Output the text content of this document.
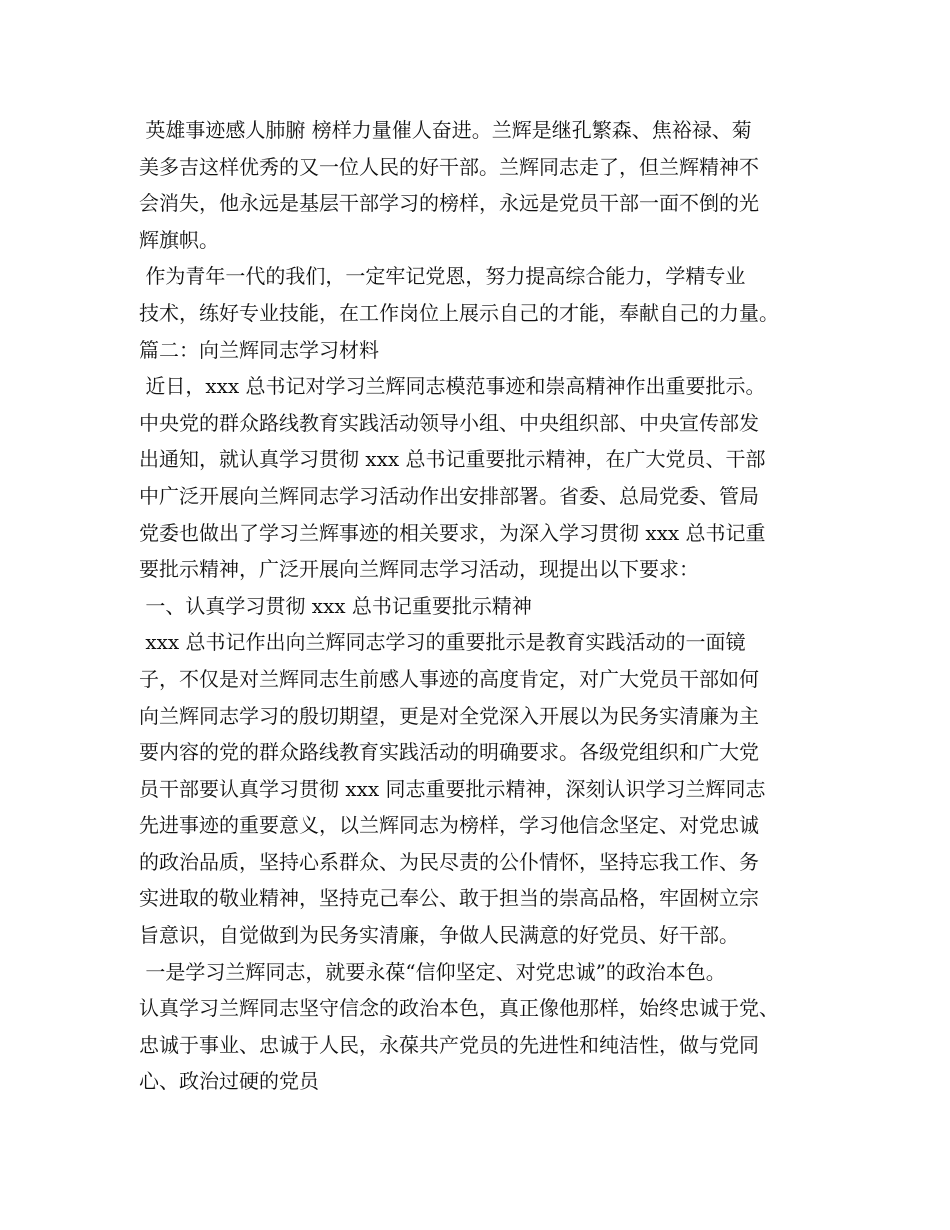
英雄事迹感人肺腑 榜样力量催人奋进。兰辉是继孔繁森、焦裕禄、菊
美多吉这样优秀的又一位人民的好干部。兰辉同志走了，但兰辉精神不
会消失，他永远是基层干部学习的榜样，永远是党员干部一面不倒的光
辉旗帜。
作为青年一代的我们，一定牢记党恩，努力提高综合能力，学精专业
技术，练好专业技能，在工作岗位上展示自己的才能，奉献自己的力量。
篇二：向兰辉同志学习材料
近日，xxx 总书记对学习兰辉同志模范事迹和崇高精神作出重要批示。
中央党的群众路线教育实践活动领导小组、中央组织部、中央宣传部发
出通知，就认真学习贯彻 xxx 总书记重要批示精神，在广大党员、干部
中广泛开展向兰辉同志学习活动作出安排部署。省委、总局党委、管局
党委也做出了学习兰辉事迹的相关要求，为深入学习贯彻 xxx 总书记重
要批示精神，广泛开展向兰辉同志学习活动，现提出以下要求：
一、认真学习贯彻 xxx 总书记重要批示精神
xxx 总书记作出向兰辉同志学习的重要批示是教育实践活动的一面镜
子，不仅是对兰辉同志生前感人事迹的高度肯定，对广大党员干部如何
向兰辉同志学习的殷切期望，更是对全党深入开展以为民务实清廉为主
要内容的党的群众路线教育实践活动的明确要求。各级党组织和广大党
员干部要认真学习贯彻 xxx 同志重要批示精神，深刻认识学习兰辉同志
先进事迹的重要意义，以兰辉同志为榜样，学习他信念坚定、对党忠诚
的政治品质，坚持心系群众、为民尽责的公仆情怀，坚持忘我工作、务
实进取的敬业精神，坚持克己奉公、敢于担当的崇高品格，牢固树立宗
旨意识，自觉做到为民务实清廉，争做人民满意的好党员、好干部。
一是学习兰辉同志，就要永葆“信仰坚定、对党忠诚”的政治本色。
认真学习兰辉同志坚守信念的政治本色，真正像他那样，始终忠诚于党、
忠诚于事业、忠诚于人民，永葆共产党员的先进性和纯洁性，做与党同
心、政治过硬的党员
